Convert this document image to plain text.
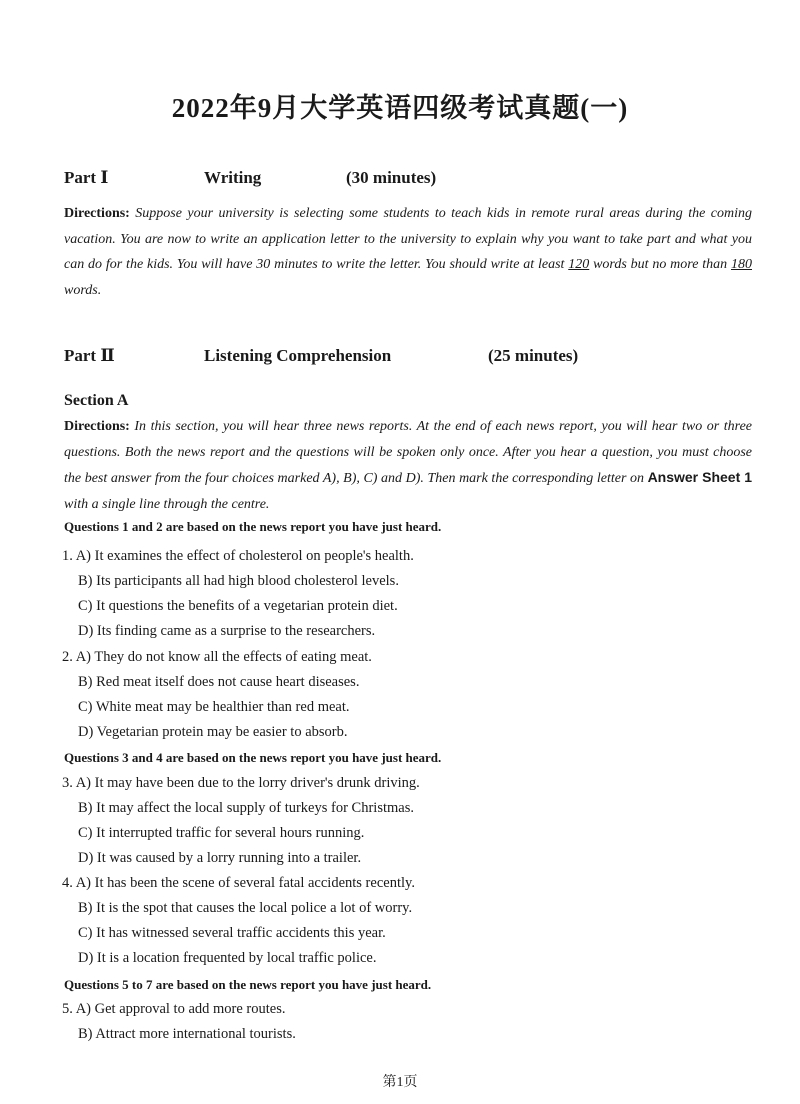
2022年9月大学英语四级考试真题(一)
Part Ⅰ	Writing	(30 minutes)
Directions: Suppose your university is selecting some students to teach kids in remote rural areas during the coming vacation. You are now to write an application letter to the university to explain why you want to take part and what you can do for the kids. You will have 30 minutes to write the letter. You should write at least 120 words but no more than 180 words.
Part Ⅱ	Listening Comprehension	(25 minutes)
Section A
Directions: In this section, you will hear three news reports. At the end of each news report, you will hear two or three questions. Both the news report and the questions will be spoken only once. After you hear a question, you must choose the best answer from the four choices marked A), B), C) and D). Then mark the corresponding letter on Answer Sheet 1 with a single line through the centre.
Questions 1 and 2 are based on the news report you have just heard.
1. A) It examines the effect of cholesterol on people's health.
B) Its participants all had high blood cholesterol levels.
C) It questions the benefits of a vegetarian protein diet.
D) Its finding came as a surprise to the researchers.
2. A) They do not know all the effects of eating meat.
B) Red meat itself does not cause heart diseases.
C) White meat may be healthier than red meat.
D) Vegetarian protein may be easier to absorb.
Questions 3 and 4 are based on the news report you have just heard.
3. A) It may have been due to the lorry driver's drunk driving.
B) It may affect the local supply of turkeys for Christmas.
C) It interrupted traffic for several hours running.
D) It was caused by a lorry running into a trailer.
4. A) It has been the scene of several fatal accidents recently.
B) It is the spot that causes the local police a lot of worry.
C) It has witnessed several traffic accidents this year.
D) It is a location frequented by local traffic police.
Questions 5 to 7 are based on the news report you have just heard.
5. A) Get approval to add more routes.
B) Attract more international tourists.
第1页
